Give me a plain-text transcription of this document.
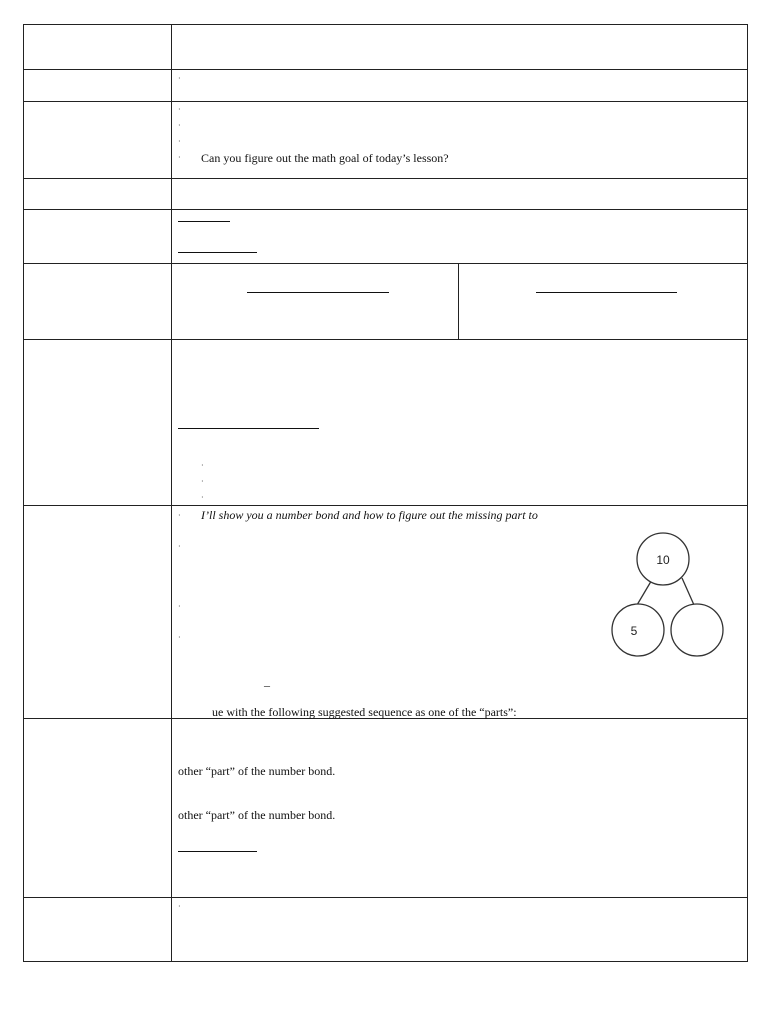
·
·
·
·
· Can you figure out the math goal of today’s lesson?
·
·
·
· I’ll show you a number bond and how to figure out the missing part to
·
·
·
–
ue with the following suggested sequence as one of the “parts”:
10
5
other “part” of the number bond.
other “part” of the number bond.
·
